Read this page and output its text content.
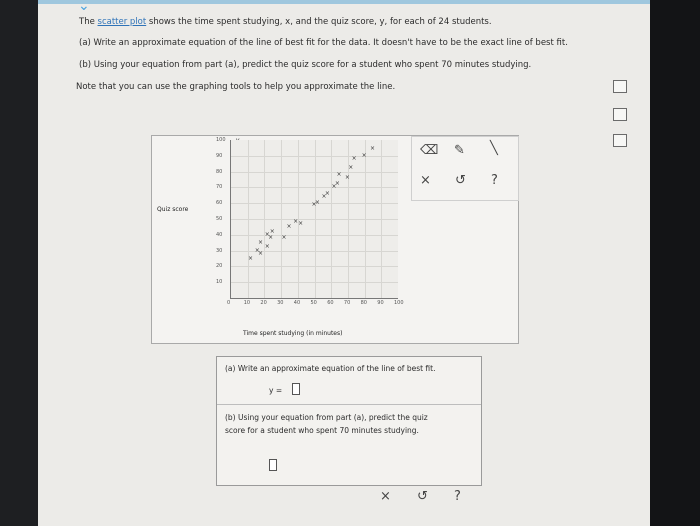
⌄
The scatter plot shows the time spent studying, x, and the quiz score, y, for each of 24 students.
(a) Write an approximate equation of the line of best fit for the data. It doesn't have to be the exact line of best fit.
(b) Using your equation from part (a), predict the quiz score for a student who spent 70 minutes studying.
Note that you can use the graphing tools to help you approximate the line.
⌫ ✎ ╲
× ↺ ?
100
90
80
70
60
50
40
30
20
10
0	10 20 30 40 50 60 70 80 90 100
×
×
×
×
×
×
×
×
×
×
× ×
×
×
×
×
×
×
× ×
×
× ×
×
Quiz score
Time spent studying (in minutes)
(a) Write an approximate equation of the line of best fit.
y =
(b) Using your equation from part (a), predict the quiz
score for a student who spent 70 minutes studying.
× ↺ ?
